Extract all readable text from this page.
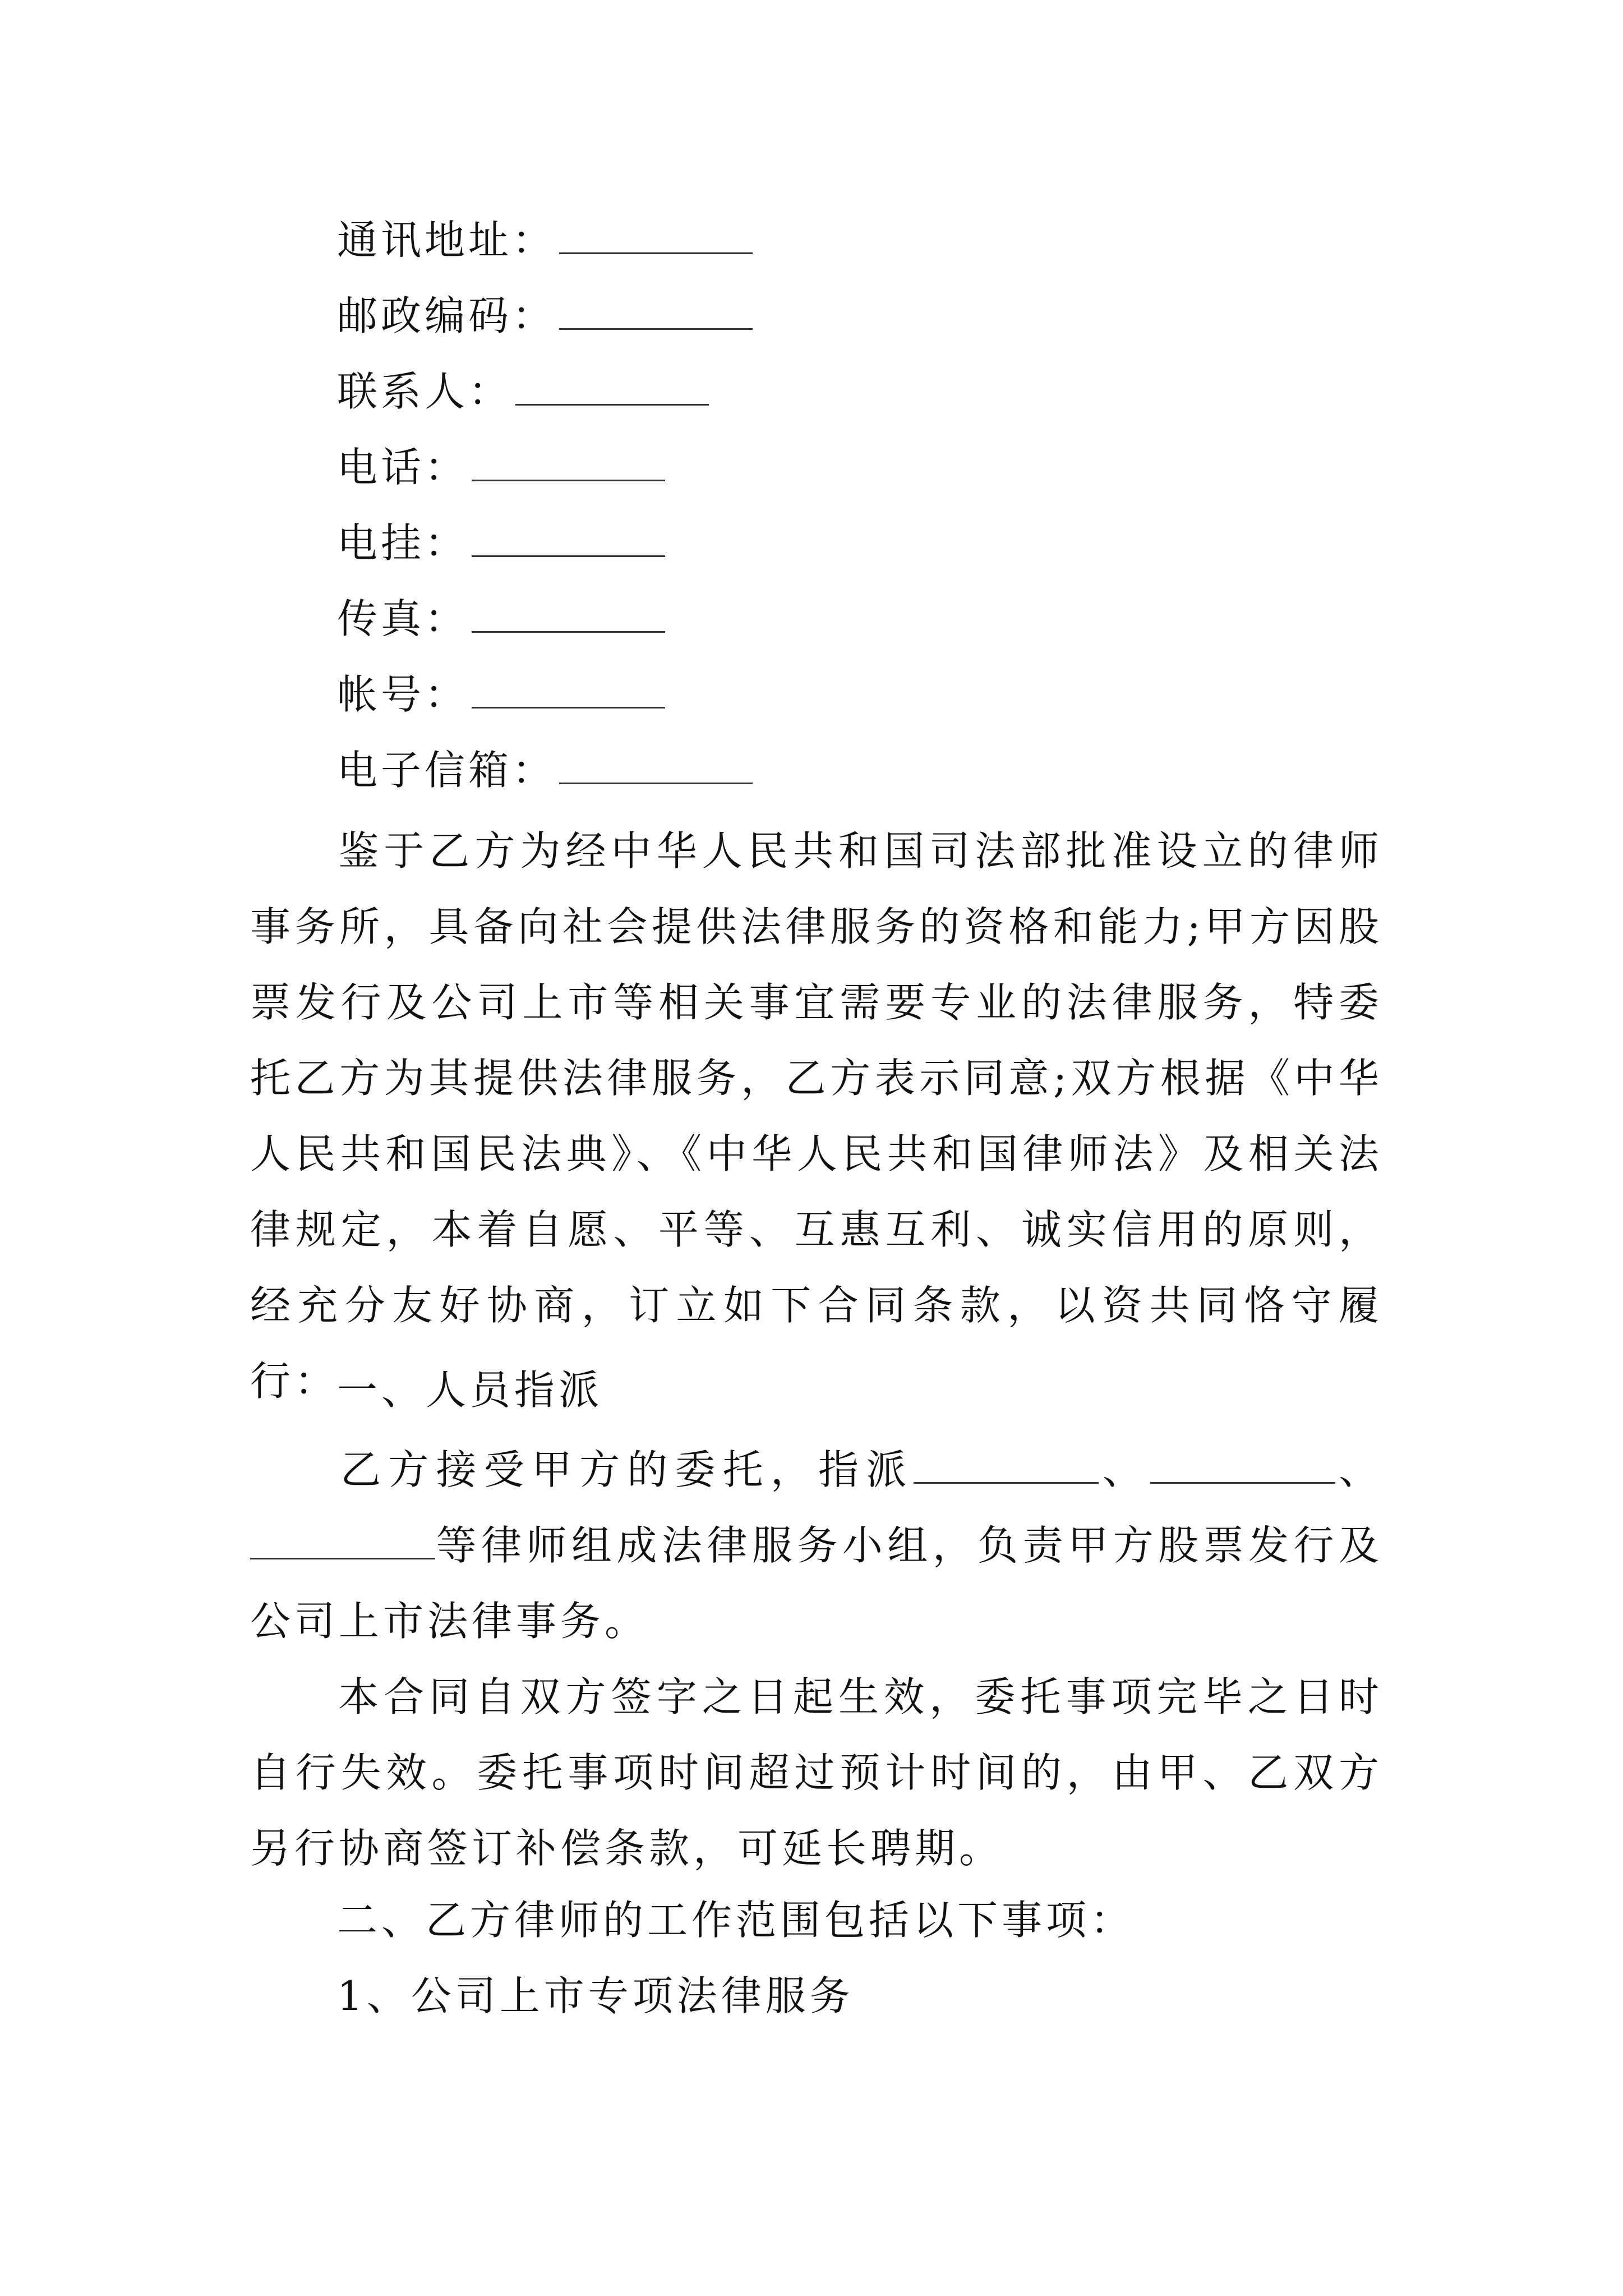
通讯地址：
邮政编码：
联系人：
电话：
电挂：
传真：
帐号：
电子信箱：

鉴于乙方为经中华人民共和国司法部批准设立的律师事务所，具备向社会提供法律服务的资格和能力;甲方因股票发行及公司上市等相关事宜需要专业的法律服务，特委托乙方为其提供法律服务，乙方表示同意;双方根据《中华人民共和国民法典》、《中华人民共和国律师法》及相关法律规定，本着自愿、平等、互惠互利、诚实信用的原则，经充分友好协商，订立如下合同条款，以资共同恪守履行：

一、人员指派

乙方接受甲方的委托，指派	、	、等律师组成法律服务小组，负责甲方股票发行及公司上市法律事务。

本合同自双方签字之日起生效，委托事项完毕之日时自行失效。委托事项时间超过预计时间的，由甲、乙双方另行协商签订补偿条款，可延长聘期。

二、乙方律师的工作范围包括以下事项：
1、公司上市专项法律服务
